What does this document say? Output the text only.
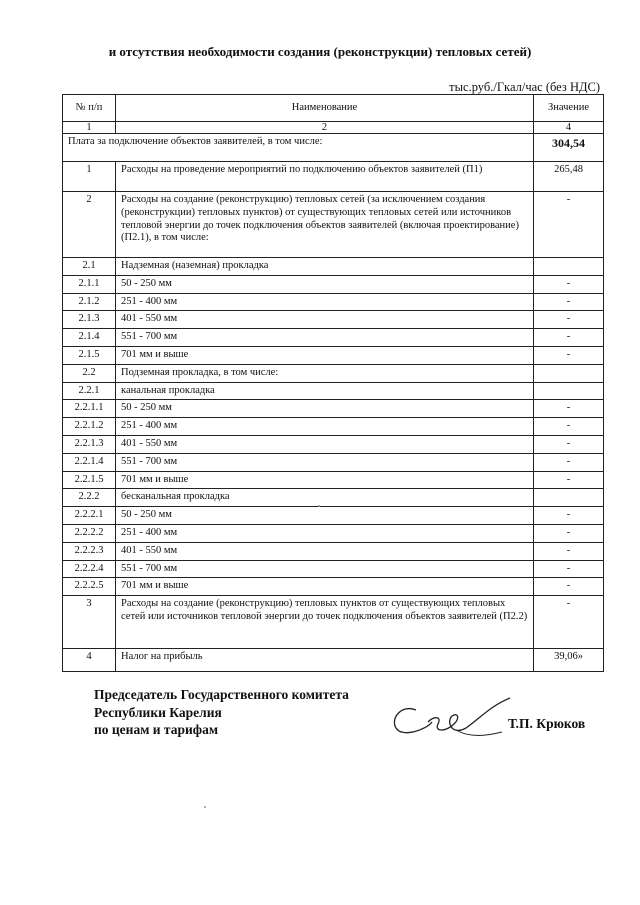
и отсутствия необходимости создания (реконструкции) тепловых сетей)
тыс.руб./Гкал/час (без НДС)
№ п/п	Наименование	Значение
1	2	4
Плата за подключение объектов заявителей, в том числе:		304,54
1	Расходы на проведение мероприятий по подключению объектов заявителей (П1)	265,48
2	Расходы на создание (реконструкцию) тепловых сетей (за исключением создания (реконструкции) тепловых пунктов) от существующих тепловых сетей или источников тепловой энергии до точек подключения объектов заявителей (включая проектирование) (П2.1), в том числе:	-
2.1	Надземная (наземная) прокладка	
2.1.1	50 - 250 мм	-
2.1.2	251 - 400 мм	-
2.1.3	401 - 550 мм	-
2.1.4	551 - 700 мм	-
2.1.5	701 мм и выше	-
2.2	Подземная прокладка, в том числе:	
2.2.1	канальная прокладка	
2.2.1.1	50 - 250 мм	-
2.2.1.2	251 - 400 мм	-
2.2.1.3	401 - 550 мм	-
2.2.1.4	551 - 700 мм	-
2.2.1.5	701 мм и выше	-
2.2.2	бесканальная прокладка	
2.2.2.1	50 - 250 мм	-
2.2.2.2	251 - 400 мм	-
2.2.2.3	401 - 550 мм	-
2.2.2.4	551 - 700 мм	-
2.2.2.5	701 мм и выше	-
3	Расходы на создание (реконструкцию) тепловых пунктов от существующих тепловых сетей или источников тепловой энергии до точек подключения объектов заявителей (П2.2)	-
4	Налог на прибыль	39,06»
Председатель Государственного комитета
Республики Карелия
по ценам и тарифам	Т.П. Крюков
